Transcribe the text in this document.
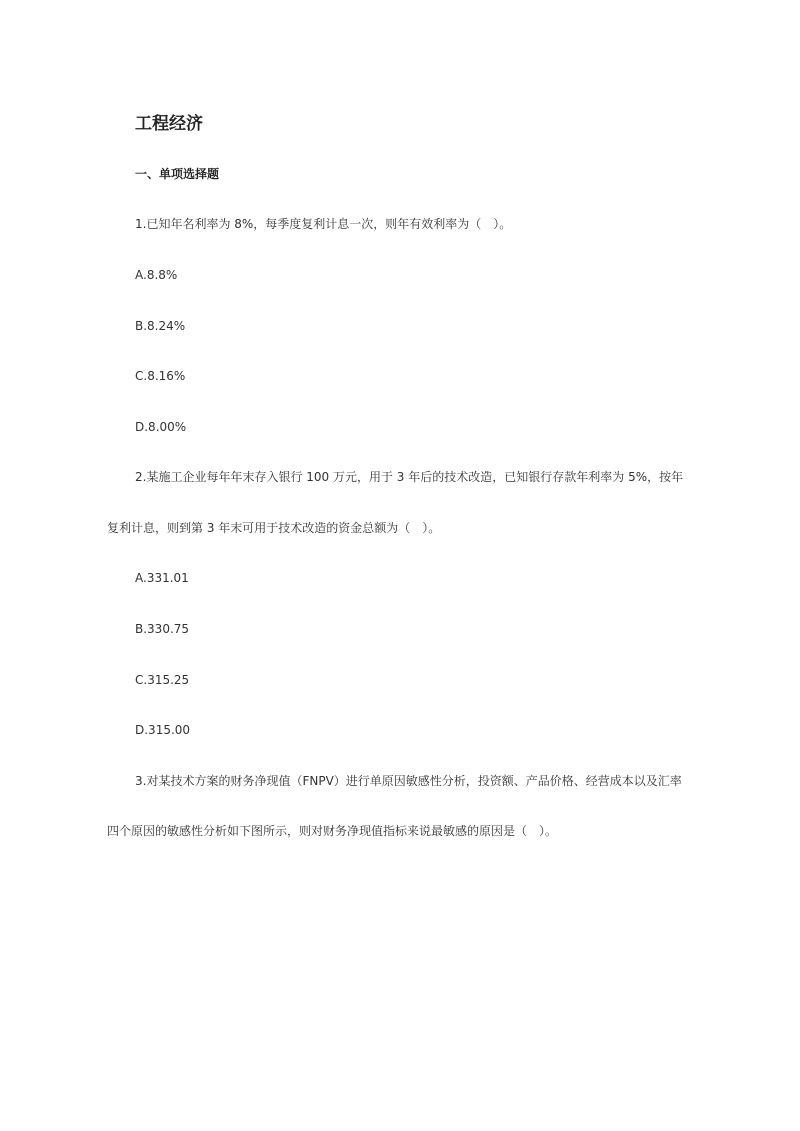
工程经济
一、单项选择题
1.已知年名利率为 8%，每季度复利计息一次，则年有效利率为（　）。
A.8.8%
B.8.24%
C.8.16%
D.8.00%
2.某施工企业每年年末存入银行 100 万元，用于 3 年后的技术改造，已知银行存款年利率为 5%，按年
复利计息，则到第 3 年末可用于技术改造的资金总额为（　）。
A.331.01
B.330.75
C.315.25
D.315.00
3.对某技术方案的财务净现值（FNPV）进行单原因敏感性分析，投资额、产品价格、经营成本以及汇率
四个原因的敏感性分析如下图所示，则对财务净现值指标来说最敏感的原因是（　）。
